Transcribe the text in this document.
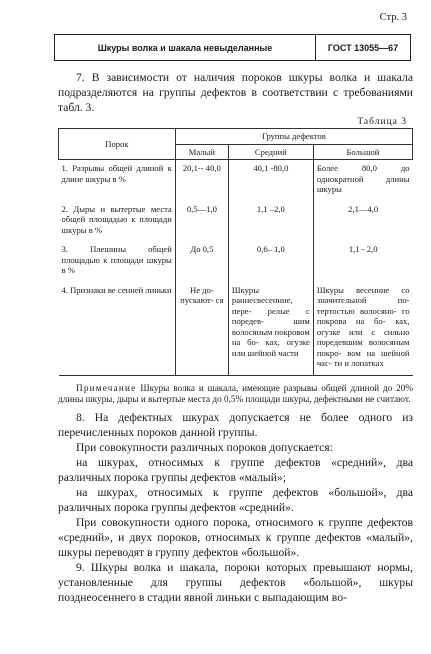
Стр. 3
Шкуры волка и шакала невыделанные	ГОСТ 13055—67

7. В зависимости от наличия пороков шкуры волка и шакала подразделяются на группы дефектов в соответствии с требованиями табл. 3.

Таблица 3
Порок	Группы дефектов		
	Малый	Средний	Большой
1. Разрывы общей длиной к длине шкуры в %	20,1-- 40,0	40,1 -80,0	Более 80,0 до однократной длины шкуры
2. Дыры и вытертые места общей площадью к площади шкуры в %	0,5—1,0	1,1 –2,0	2,1—4,0
3. Плешины общей площадью к площади шкуры в %	До 0,5	0,6– 1,0	1,1 - 2,0
4. Признаки ве сенней линьки	Не до- пускают- ся	Шкуры раннесвесенние, пере- релые с поредев- шим волосяным покровом на бо- ках, огузке или шейной части	Шкуры весенние со значительной по- тертостью волосяно- го покрова на бо- ках, огузке или с сильно поредевшим волосяным покро- вом на шейной час- ти и лопатках

Примечание Шкуры волка и шакала, имеющие разрывы общей длиной до 20% длины шкуры, дыры и вытертые места до 0,5% площади шкуры, дефектными не считают.

8. На дефектных шкурах допускается не более одного из перечисленных пороков данной группы.

При совокупности различных пороков допускается:

на шкурах, относимых к группе дефектов «средний», два различных порока группы дефектов «малый»;

на шкурах, относимых к группе дефектов «большой», два различных порока группы дефектов «средний».

При совокупности одного порока, относимого к группе дефектов «средний», и двух пороков, относимых к группе дефектов «малый», шкуры переводят в группу дефектов «большой».

9. Шкуры волка и шакала, пороки которых превышают нормы, установленные для группы дефектов «большой», шкуры позднеосеннего в стадии явной линьки с выпадающим во-
